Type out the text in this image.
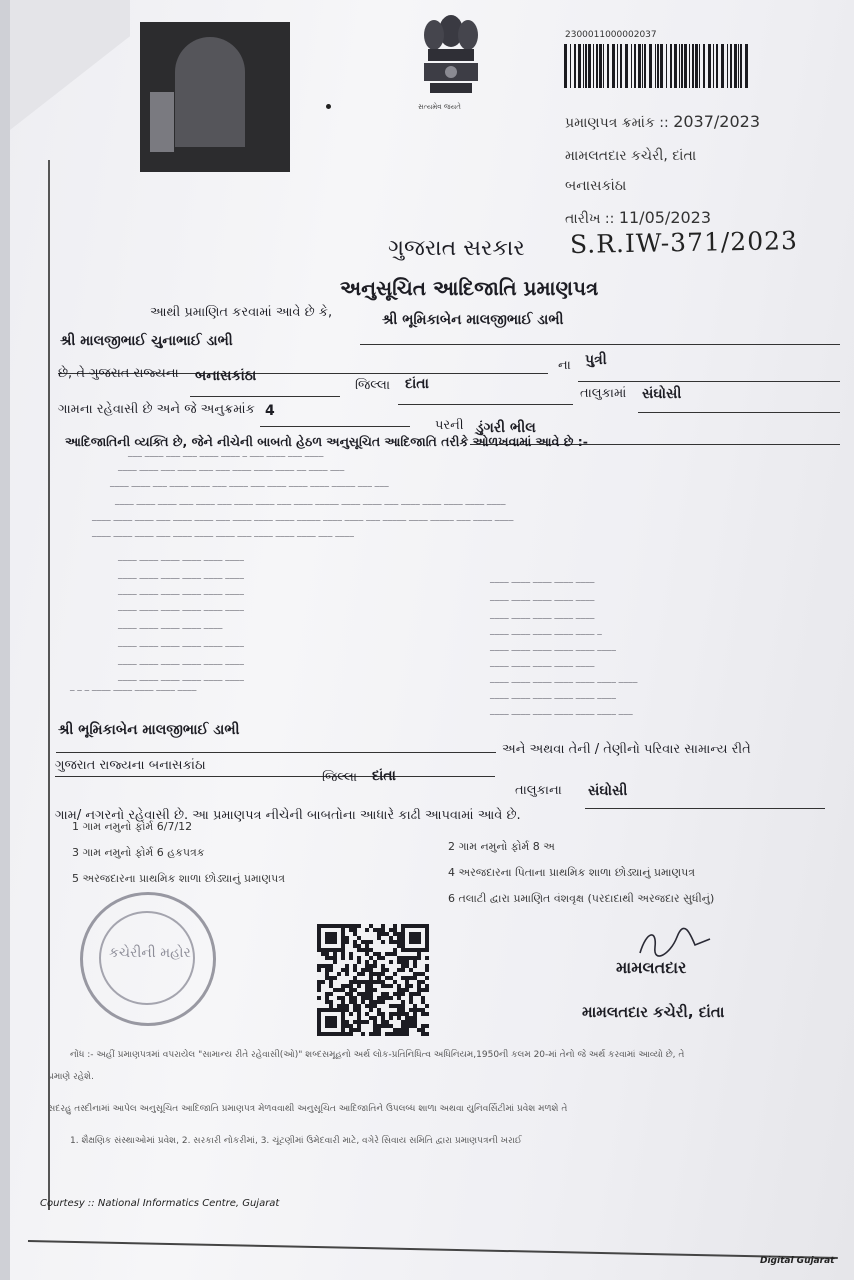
સત્યમેવ જયતે
2300011000002037
પ્રમાણપત્ર ક્રમાંક :: 2037/2023
મામલતદાર કચેરી, દાંતા
બનાસકાંઠા
તારીખ :: 11/05/2023
S.R.IW-371/2023
ગુજરાત સરકાર
અનુસૂચિત આદિજાતિ પ્રમાણપત્ર
આથી પ્રમાણિત કરવામાં આવે છે કે,	શ્રી ભૂમિકાબેન માલજીભાઈ ડાભી
શ્રી માલજીભાઈ ચુનાભાઈ ડાભી
ના પુત્રી
છે, તે ગુજરાત રાજ્યના બનાસકાંઠા
જિલ્લા દાંતા
તાલુકામાં સંઘોસી
ગામના રહેવાસી છે અને જે અનુક્રમાંક 4
પરની ડુંગરી ભીલ
આદિજાતિની વ્યક્તિ છે, જેને નીચેની બાબતો હેઠળ અનુસૂચિત આદિજાતિ તરીકે ઓળખવામાં આવે છે :-
─── ──── ─── ─── ──── ──── ─ ─── ──── ─── ────
──── ──── ─── ──── ─── ─── ──── ──── ──── ── ──── ───
──── ──── ─── ──── ──── ─── ──── ─── ──── ──── ──── ───── ─── ───
──── ──── ──── ─── ──── ─── ──── ──── ─── ──── ───── ──── ──── ─── ──── ──── ──── ──── ────
──── ──── ──── ─── ──── ──── ─── ──── ──── ──── ───── ──── ──── ─── ───── ──── ───── ─── ──── ────
──── ──── ──── ─── ──── ──── ──── ─── ──── ──── ──── ─── ────
──── ──── ──── ──── ──── ────
──── ──── ──── ──── ──── ────
──── ──── ──── ──── ──── ────
──── ──── ──── ──── ──── ────
──── ──── ──── ──── ────
──── ──── ──── ──── ──── ────
──── ──── ──── ──── ──── ────
──── ──── ──── ──── ──── ────
─ ─ ─ ──── ──── ──── ──── ────
──── ──── ──── ──── ────
──── ──── ──── ──── ────
──── ──── ──── ──── ────
──── ──── ──── ──── ──── ─
──── ──── ──── ──── ──── ────
──── ──── ──── ──── ────
──── ──── ──── ──── ──── ──── ────
──── ──── ──── ──── ──── ────
──── ──── ──── ──── ──── ──── ───
શ્રી ભૂમિકાબેન માલજીભાઈ ડાભી
અને અથવા તેની / તેણીનો પરિવાર સામાન્ય રીતે
ગુજરાત રાજ્યના બનાસકાંઠા
જિલ્લા દાંતા
તાલુકાના સંઘોસી
ગામ/ નગરનો રહેવાસી છે. આ પ્રમાણપત્ર નીચેની બાબતોના આધારે કાઢી આપવામાં આવે છે.
1 ગામ નમુનો ફોર્મ 6/7/12
2 ગામ નમુનો ફોર્મ 8 અ
3 ગામ નમુનો ફોર્મ 6 હકપત્રક
4 અરજદારના પિતાના પ્રાથમિક શાળા છોડ્યાનું પ્રમાણપત્ર
5 અરજદારના પ્રાથમિક શાળા છોડ્યાનું પ્રમાણપત્ર
6 તલાટી દ્વારા પ્રમાણિત વંશવૃક્ષ (પરદાદાથી અરજદાર સુધીનું)
કચેરીની મહોર
મામલતદાર
મામલતદાર કચેરી, દાંતા
નોંધ :- અહીં પ્રમાણપત્રમાં વપરાયેલ "સામાન્ય રીતે રહેવાસી(ઓ)" શબ્દસમૂહનો અર્થ લોક-પ્રતિનિધિત્વ અધિનિયમ,1950ની કલમ 20-માં તેનો જે અર્થ કરવામાં આવ્યો છે, તે
પ્રમાણે રહેશે.
સદરહુ તસ્દીનામાં આપેલ અનુસૂચિત આદિજાતિ પ્રમાણપત્ર મેળવવાથી અનુસૂચિત આદિજાતિને ઉપલબ્ધ શાળા અથવા યુનિવર્સિટીમાં પ્રવેશ મળશે તે
1. શૈક્ષણિક સંસ્થાઓમાં પ્રવેશ, 2. સરકારી નોકરીમાં, 3. ચૂંટણીમાં ઉમેદવારી માટે, વગેરે સિવાય સમિતિ દ્વારા પ્રમાણપત્રની ખરાઈ
Courtesy :: National Informatics Centre, Gujarat
Digital Gujarat
